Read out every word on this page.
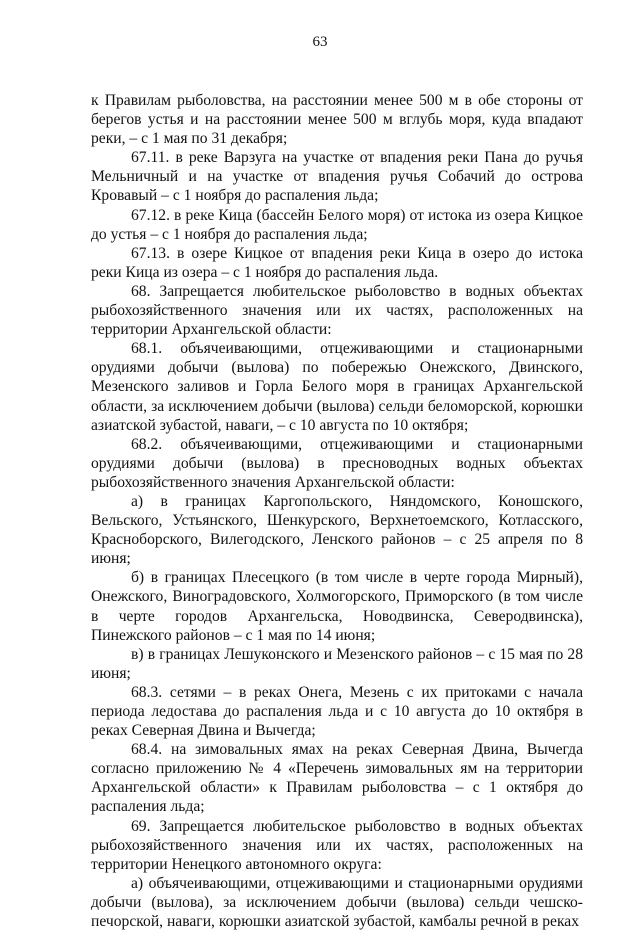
63

к Правилам рыболовства, на расстоянии менее 500 м в обе стороны от берегов устья и на расстоянии менее 500 м вглубь моря, куда впадают реки, – с 1 мая по 31 декабря;

67.11. в реке Варзуга на участке от впадения реки Пана до ручья Мельничный и на участке от впадения ручья Собачий до острова Кровавый – с 1 ноября до распаления льда;

67.12. в реке Кица (бассейн Белого моря) от истока из озера Кицкое до устья – с 1 ноября до распаления льда;

67.13. в озере Кицкое от впадения реки Кица в озеро до истока реки Кица из озера – с 1 ноября до распаления льда.

68. Запрещается любительское рыболовство в водных объектах рыбохозяйственного значения или их частях, расположенных на территории Архангельской области:

68.1. объячеивающими, отцеживающими и стационарными орудиями добычи (вылова) по побережью Онежского, Двинского, Мезенского заливов и Горла Белого моря в границах Архангельской области, за исключением добычи (вылова) сельди беломорской, корюшки азиатской зубастой, наваги, – с 10 августа по 10 октября;

68.2. объячеивающими, отцеживающими и стационарными орудиями добычи (вылова) в пресноводных водных объектах рыбохозяйственного значения Архангельской области:

а) в границах Каргопольского, Няндомского, Коношского, Вельского, Устьянского, Шенкурского, Верхнетоемского, Котласского, Красноборского, Вилегодского, Ленского районов – с 25 апреля по 8 июня;

б) в границах Плесецкого (в том числе в черте города Мирный), Онежского, Виноградовского, Холмогорского, Приморского (в том числе в черте городов Архангельска, Новодвинска, Северодвинска), Пинежского районов – с 1 мая по 14 июня;

в) в границах Лешуконского и Мезенского районов – с 15 мая по 28 июня;

68.3. сетями – в реках Онега, Мезень с их притоками с начала периода ледостава до распаления льда и с 10 августа до 10 октября в реках Северная Двина и Вычегда;

68.4. на зимовальных ямах на реках Северная Двина, Вычегда согласно приложению № 4 «Перечень зимовальных ям на территории Архангельской области» к Правилам рыболовства – с 1 октября до распаления льда;

69. Запрещается любительское рыболовство в водных объектах рыбохозяйственного значения или их частях, расположенных на территории Ненецкого автономного округа:

а) объячеивающими, отцеживающими и стационарными орудиями добычи (вылова), за исключением добычи (вылова) сельди чешско-печорской, наваги, корюшки азиатской зубастой, камбалы речной в реках
